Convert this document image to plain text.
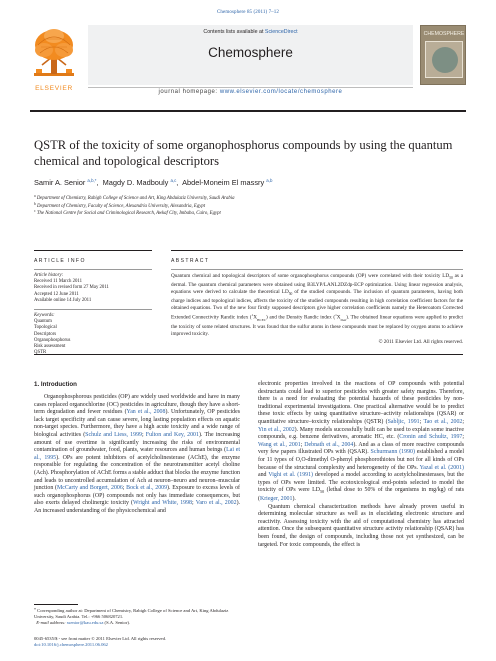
Chemosphere 85 (2011) 7–12
ELSEVIER
Contents lists available at ScienceDirect
Chemosphere
journal homepage: www.elsevier.com/locate/chemosphere
CHEMOSPHERE
QSTR of the toxicity of some organophosphorus compounds by using the quantum chemical and topological descriptors
Samir A. Senior $^{a,b,*}$,  Magdy D. Madbouly $^{a,c}$,  Abdel-Moneim El massry $^{a,b}$
$^a$ Department of Chemistry, Rabigh College of Science and Art, King Abdulaziz University, Saudi Arabia
$^b$ Department of Chemistry, Faculty of Science, Alexandria University, Alexandria, Egypt
$^c$ The National Centre for Social and Criminological Research, Awkaf City, Imbaba, Cairo, Egypt
ARTICLE INFO
Article history:
Received 11 March 2011
Received in revised form 27 May 2011
Accepted 12 June 2011
Available online 14 July 2011
Keywords:
Quantum
Topological
Descriptors
Organophosphorus
Risk assessment
QSTR
ABSTRACT
Quantum chemical and topological descriptors of some organophosphorus compounds (OP) were correlated with their toxicity $LD_{50}$ as a dermal. The quantum chemical parameters were obtained using B3LYP/LANL2DZdp-ECP optimization. Using linear regression analysis, equations were derived to calculate the theoretical $LD_{50}$ of the studied compounds. The inclusion of quantum parameters, having both charge indices and topological indices, affects the toxicity of the studied compounds resulting in high correlation coefficient factors for the obtained equations. Two of the new four firstly supposed descriptors give higher correlation coefficients namely the Heteroatom Corrected Extended Connectivity Randic index $(^1X_{HCEC})$ and the Density Randic index $(^1X_{Den})$. The obtained linear equations were applied to predict the toxicity of some related structures. It was found that the sulfur atoms in these compounds must be replaced by oxygen atoms to achieve improved toxicity.
© 2011 Elsevier Ltd. All rights reserved.
1. Introduction

Organophosphorous pesticides (OP) are widely used worldwide and have in many cases replaced organochlorine (OC) pesticides in agriculture, though they have a short-term degradation and fewer residues (Yan et al., 2008). Unfortunately, OP pesticides lack target specificity and can cause severe, long lasting population effects on aquatic non-target species. Furthermore, they have a high acute toxicity and a wide range of biological activities (Schulz and Liess, 1999; Fulton and Key, 2001). The increasing amount of use overtime is significantly increasing the risks of environmental contamination of groundwater, food, plants, water resources and human beings (Lai et al., 1995). OPs are potent inhibitors of acetylcholinesterase (AChE), the enzyme responsible for regulating the concentration of the neurotransmitter acetyl choline (Ach). Phosphorylation of AChE forms a stable adduct that blocks the enzyme function and leads to uncontrolled accumulation of Ach at neuron–neuro and neuron–muscular junction (McCarty and Borgert, 2006; Bock et al., 2009). Exposure to excess levels of such organophosphorus (OP) compounds not only has immediate consequences, but also exerts delayed cholinergic toxicity (Wright and White, 1998; Varo et al., 2002). An increased understanding of the physicochemical and

electronic properties involved in the reactions of OP compounds with potential destructants could lead to superior pesticides with greater safety margins. Therefore, there is a need for evaluating the potential hazards of these pesticides by non-traditional experimental investigations. One practical alternative would be to predict these toxic effects by using quantitative structure–activity relationships (QSAR) or quantitative structure–toxicity relationships (QSTR) (Sabljic, 1991; Tao et al., 2002; Yin et al., 2002). Many models successfully built can be used to explain some inactive compounds, e.g. benzene derivatives, aromatic HC, etc. (Cronin and Schultz, 1997; Wang et al., 2001; Debnath et al., 2004). And as a class of more reactive compounds very few papers illustrated OPs with (QSAR). Schurmann (1990) established a model for 11 types of O,O-dimethyl O-phenyl phosphorothiotes but not for all kinds of OPs because of the structural complexity and heterogeneity of the OPs. Yazal et al. (2001) and Vighi et al. (1991) developed a model according to acetylcholinesterases, but the types of OPs were limited. The ecotoxicological end-points selected to model the toxicity of OPs were $LD_{50}$ (lethal dose to 50% of the organisms in mg/kg) of rats (Krieger, 2001).

Quantum chemical characterization methods have already proven useful in determining molecular structure as well as in elucidating electronic structure and reactivity. Assessing toxicity with the aid of computational chemistry has attracted attention. Once the subsequent quantitative structure activity relationship (QSAR) has been found, the design of compounds, including those not yet synthesized, can be targeted. For toxic compounds, the effect is

* Corresponding author at: Department of Chemistry, Rabigh College of Science and Art, King Abdulaziz University, Saudi Arabia. Tel.: +966 506820721.
E-mail address: ssenior@kau.edu.sa (S.A. Senior).
0045-6535/$ - see front matter © 2011 Elsevier Ltd. All rights reserved.
doi:10.1016/j.chemosphere.2011.06.062
